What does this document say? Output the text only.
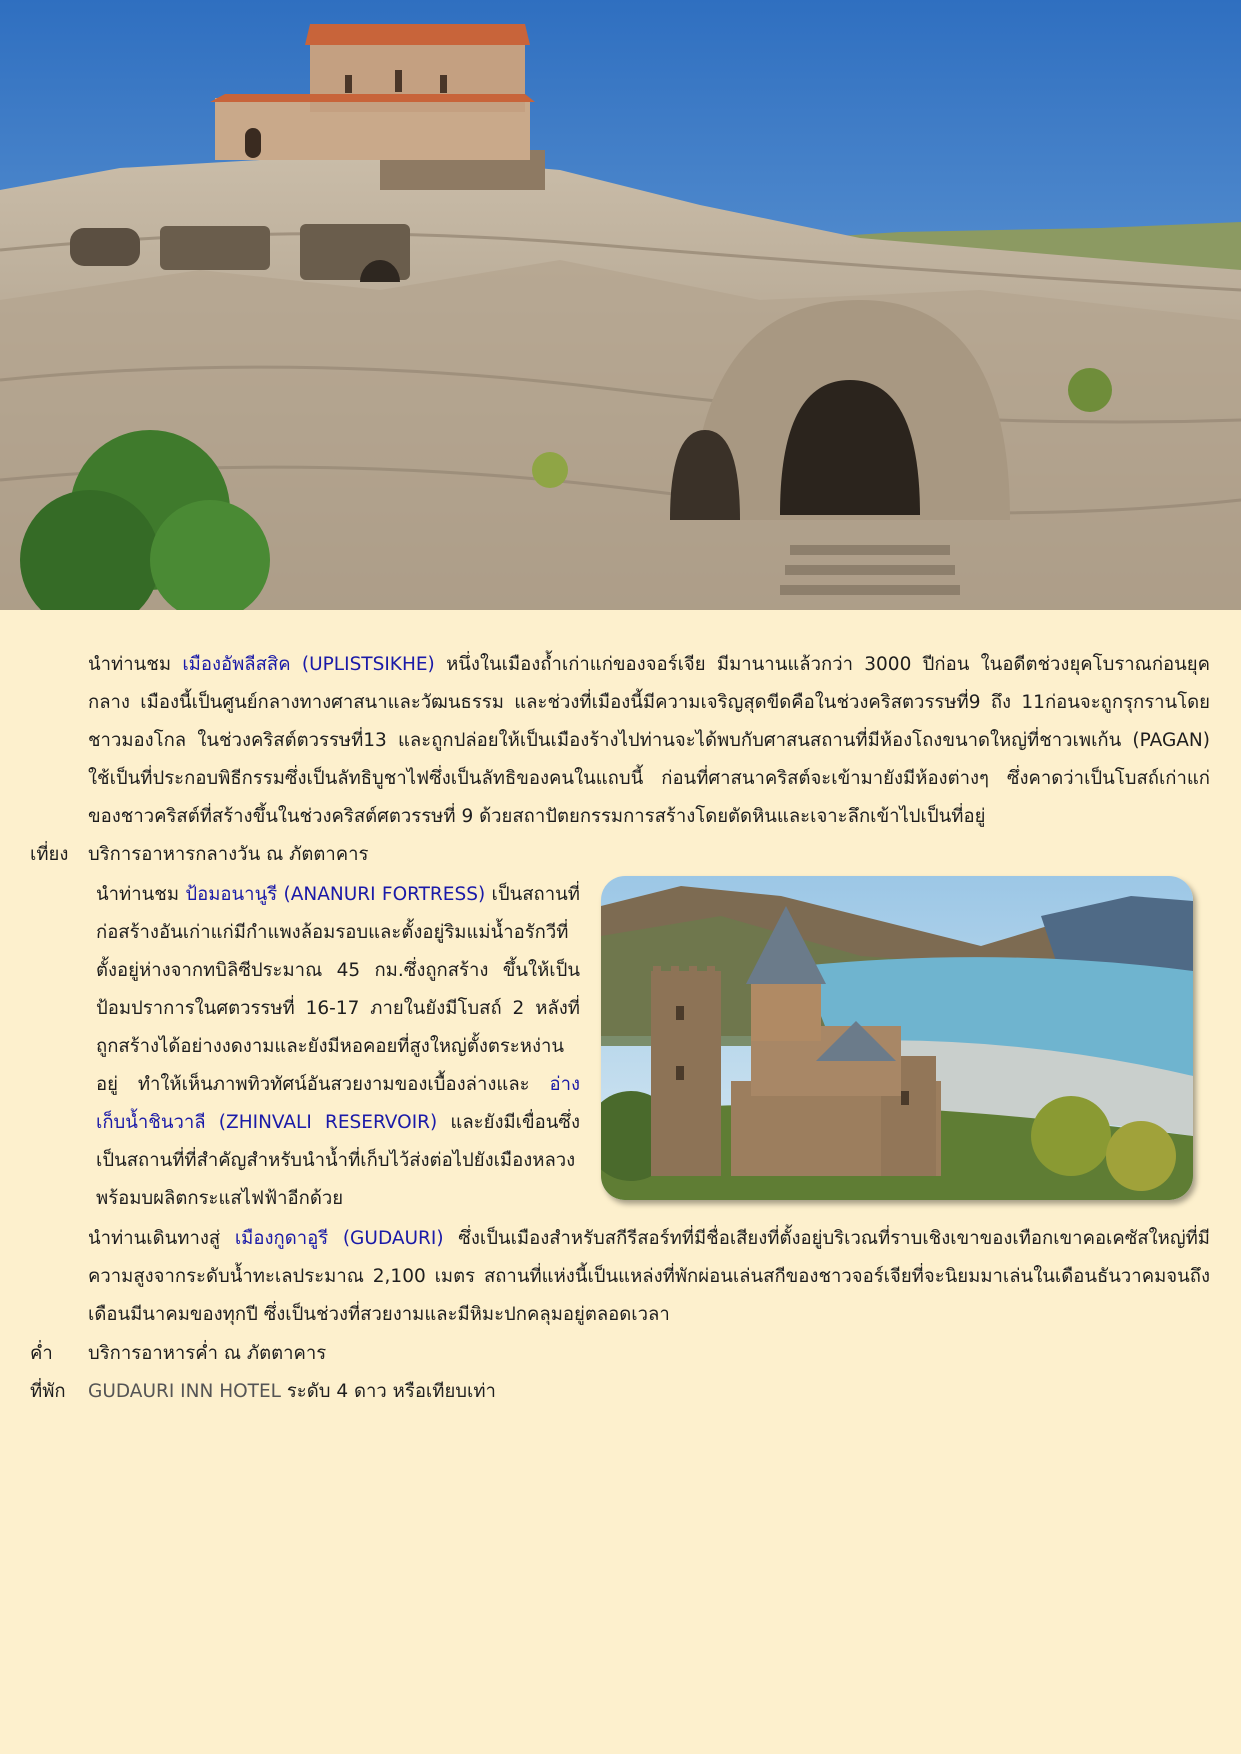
นำท่านชม เมืองอัพลีสสิค (UPLISTSIKHE) หนึ่งในเมืองถ้ำเก่าแก่ของจอร์เจีย มีมานานแล้วกว่า 3000 ปีก่อน ในอดีตช่วงยุคโบราณก่อนยุคกลาง เมืองนี้เป็นศูนย์กลางทางศาสนาและวัฒนธรรม และช่วงที่เมืองนี้มีความเจริญสุดขีดคือในช่วงคริสตวรรษที่9 ถึง 11ก่อนจะถูกรุกรานโดยชาวมองโกล ในช่วงคริสต์ตวรรษที่13 และถูกปล่อยให้เป็นเมืองร้างไปท่านจะได้พบกับศาสนสถานที่มีห้องโถงขนาดใหญ่ที่ชาวเพเก้น (PAGAN) ใช้เป็นที่ประกอบพิธีกรรมซึ่งเป็นลัทธิบูชาไฟซึ่งเป็นลัทธิของคนในแถบนี้ ก่อนที่ศาสนาคริสต์จะเข้ามายังมีห้องต่างๆ ซึ่งคาดว่าเป็นโบสถ์เก่าแก่ของชาวคริสต์ที่สร้างขึ้นในช่วงคริสต์ศตวรรษที่ 9 ด้วยสถาปัตยกรรมการสร้างโดยตัดหินและเจาะลึกเข้าไปเป็นที่อยู่
เที่ยง บริการอาหารกลางวัน ณ ภัตตาคาร
นำท่านชม ป้อมอนานูรี (ANANURI FORTRESS) เป็นสถานที่ก่อสร้างอันเก่าแก่มีกำแพงล้อมรอบและตั้งอยู่ริมแม่น้ำอรักวีที่ตั้งอยู่ห่างจากทบิลิซีประมาณ 45 กม.ซึ่งถูกสร้าง ขึ้นให้เป็นป้อมปราการในศตวรรษที่ 16-17 ภายในยังมีโบสถ์ 2 หลังที่ถูกสร้างได้อย่างงดงามและยังมีหอคอยที่สูงใหญ่ตั้งตระหง่านอยู่ ทำให้เห็นภาพทิวทัศน์อันสวยงามของเบื้องล่างและ อ่างเก็บน้ำชินวาลี (ZHINVALI RESERVOIR) และยังมีเขื่อนซึ่งเป็นสถานที่ที่สำคัญสำหรับนำน้ำที่เก็บไว้ส่งต่อไปยังเมืองหลวงพร้อมบผลิตกระแสไฟฟ้าอีกด้วย
นำท่านเดินทางสู่ เมืองกูดาอูรี (GUDAURI) ซึ่งเป็นเมืองสำหรับสกีรีสอร์ทที่มีชื่อเสียงที่ตั้งอยู่บริเวณที่ราบเชิงเขาของเทือกเขาคอเคซัสใหญ่ที่มีความสูงจากระดับน้ำทะเลประมาณ 2,100 เมตร สถานที่แห่งนี้เป็นแหล่งที่พักผ่อนเล่นสกีของชาวจอร์เจียที่จะนิยมมาเล่นในเดือนธันวาคมจนถึงเดือนมีนาคมของทุกปี ซึ่งเป็นช่วงที่สวยงามและมีหิมะปกคลุมอยู่ตลอดเวลา
ค่ำ บริการอาหารค่ำ ณ ภัตตาคาร
ที่พัก GUDAURI INN HOTEL ระดับ 4 ดาว หรือเทียบเท่า
